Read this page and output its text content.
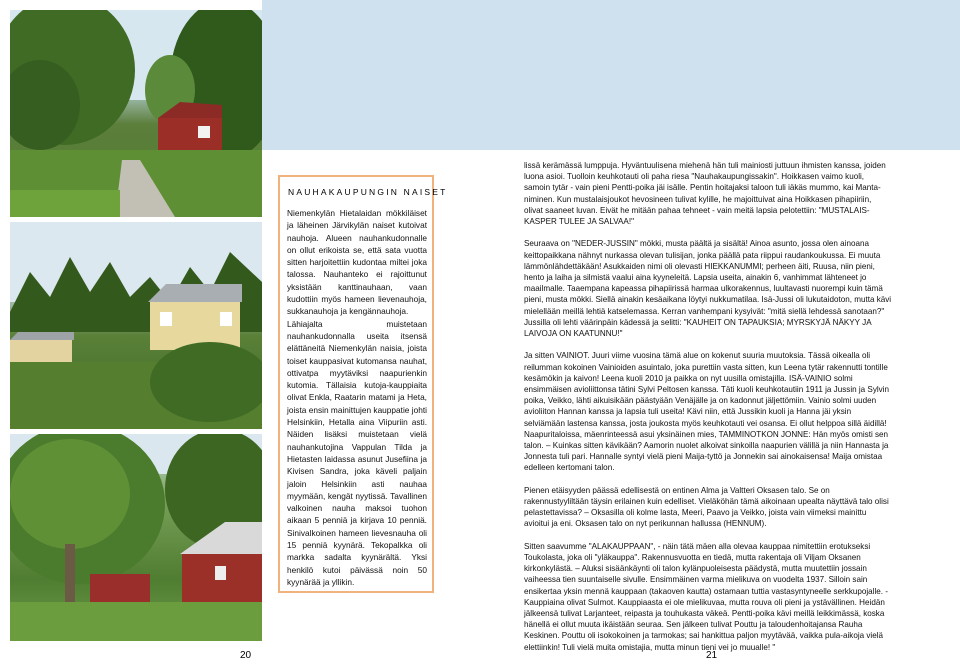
NAUHAKAUPUNGIN NAISET

Niemenkylän Hietalaidan mökkiläiset ja läheinen Järvikylän naiset kutoivat nauhoja. Alueen nauhankudonnalle on ollut erikoista se, että sata vuotta sitten harjoitettiin kudontaa miltei joka talossa. Nauhanteko ei rajoittunut yksistään kanttinauhaan, vaan kudottiin myös hameen lievenauhoja, sukkanauhoja ja kengännauhoja.

Lähiajalta muistetaan nauhankudonnalla useita itsensä elättäneitä Niemenkylän naisia, joista toiset kauppasivat kutomansa nauhat, ottivatpa myytäviksi naapurienkin kutomia. Tällaisia kutoja-kauppiaita olivat Enkla, Raatarin matami ja Heta, joista ensin mainittujen kauppatie johti Helsinkiin, Hetalla aina Viipuriin asti. Näiden lisäksi muistetaan vielä nauhankutojina Vappulan Tilda ja Hietasten laidassa asunut Jusefiina ja Kivisen Sandra, joka käveli paljain jaloin Helsinkiin asti nauhaa myymään, kengät nyytissä. Tavallinen valkoinen nauha maksoi tuohon aikaan 5 penniä ja kirjava 10 penniä. Sinivalkoinen hameen lievesnauha oli 15 penniä kyynärä. Tekopalkka oli markka sadalta kyynärältä. Yksi henkilö kutoi päivässä noin 50 kyynärää ja yllikin.

lissä kerämässä lumppuja. Hyväntuulisena miehenä hän tuli mainiosti juttuun ihmisten kanssa, joiden luona asioi. Tuolloin keuhkotauti oli paha riesa "Nauhakaupungissakin". Hoikkasen vaimo kuoli, samoin tytär - vain pieni Pentti-poika jäi isälle. Pentin hoitajaksi taloon tuli iäkäs mummo, kai Manta-niminen. Kun mustalaisjoukot hevosineen tulivat kylille, he majoittuivat aina Hoikkasen pihapiiriin, olivat saaneet luvan. Eivät he mitään pahaa tehneet - vain meitä lapsia pelotettiin: "MUSTALAIS-KASPER TULEE JA SALVAA!"

Seuraava on "NEDER-JUSSIN" mökki, musta päältä ja sisältä! Ainoa asunto, jossa olen ainoana keittopaikkana nähnyt nurkassa olevan tulisijan, jonka päällä pata riippui raudankoukussa. Ei muuta lämmönlähdettäkään! Asukkaiden nimi oli olevasti HIEKKANUMMI; perheen äiti, Ruusa, niin pieni, hento ja laiha ja silmistä vaalui aina kyyneleitä. Lapsia useita, ainakin 6, vanhimmat lähteneet jo maailmalle. Taaempana kapeassa pihapiirissä harmaa ulkorakennus, luultavasti nuorempi kuin tämä pieni, musta mökki. Siellä ainakin kesäaikana löytyi nukkumatilaa. Isä-Jussi oli lukutaidoton, mutta kävi mielellään meillä lehtiä katselemassa. Kerran vanhempani kysyivät: "mitä siellä lehdessä sanotaan?" Jussilla oli lehti väärinpäin kädessä ja selitti: "KAUHEIT ON TAPAUKSIA; MYRSKYJÄ NÄKYY JA LAIVOJA ON KAATUNNU!"

Ja sitten VAINIOT. Juuri viime vuosina tämä alue on kokenut suuria muutoksia. Tässä oikealla oli reilumman kokoinen Vainioiden asuintalo, joka purettiin vasta sitten, kun Leena tytär rakennutti tontille kesämökin ja kaivon! Leena kuoli 2010 ja paikka on nyt uusilla omistajilla. ISÄ-VAINIO solmi ensimmäisen avioliittonsa tätini Sylvi Peltosen kanssa. Täti kuoli keuhkotautiin 1911 ja Jussin ja Sylvin poika, Veikko, lähti aikuisikään päästyään Venäjälle ja on kadonnut jäljettömiin. Vainio solmi uuden avioliiton Hannan kanssa ja lapsia tuli useita! Kävi niin, että Jussikin kuoli ja Hanna jäi yksin selviämään lastensa kanssa, josta joukosta myös keuhkotauti vei osansa. Ei ollut helppoa sillä äidillä! Naapuritaloissa, mäenrinteessä asui yksinäinen mies, TAMMINOTKON JONNE: Hän myös omisti sen talon. – Kuinkas sitten kävikään? Aamorin nuolet alkoivat sinkoilla naapurien välillä ja niin Hannasta ja Jonnesta tuli pari. Hannalle syntyi vielä pieni Maija-tyttö ja Jonnekin sai ainokaisensa! Maija omistaa edelleen kertomani talon.

Pienen etäisyyden päässä edellisestä on entinen Alma ja Valtteri Oksasen talo. Se on rakennustyyliltään täysin erilainen kuin edelliset. Vieläköhän tämä aikoinaan upealta näyttävä talo olisi pelastettavissa? – Oksasilla oli kolme lasta, Meeri, Paavo ja Veikko, joista vain viimeksi mainittu avioitui ja eni. Oksasen talo on nyt perikunnan hallussa (HENNUM).

Sitten saavumme "ALAKAUPPAAN", - näin tätä mäen alla olevaa kauppaa nimitettiin erotukseksi Toukolasta, joka oli "yläkauppa". Rakennusvuotta en tiedä, mutta rakentaja oli Viljam Oksanen kirkonkylästä. – Aluksi sisäänkäynti oli talon kylänpuoleisesta päädystä, mutta muutettiin jossain vaiheessa tien suuntaiselle sivulle. Ensimmäinen varma mielikuva on vuodelta 1937. Silloin sain ensikertaa yksin mennä kauppaan (takaoven kautta) ostamaan tuttia vastasyntyneelle serkkupojalle. - Kauppiaina olivat Sulmot. Kauppiaasta ei ole mielikuvaa, mutta rouva oli pieni ja ystävällinen. Heidän jälkeensä tulivat Larjanteet, reipasta ja touhukasta väkeä. Pentti-poika kävi meillä leikkimässä, koska hänellä ei ollut muuta ikäistään seuraa. Sen jälkeen tulivat Pouttu ja taloudenhoitajansa Rauha Keskinen. Pouttu oli isokokoinen ja tarmokas; sai hankittua paljon myytävää, vaikka pula-aikoja vielä elettiinkin! Tuli vielä muita omistajia, mutta minun tieni vei jo muualle! "

20	21
